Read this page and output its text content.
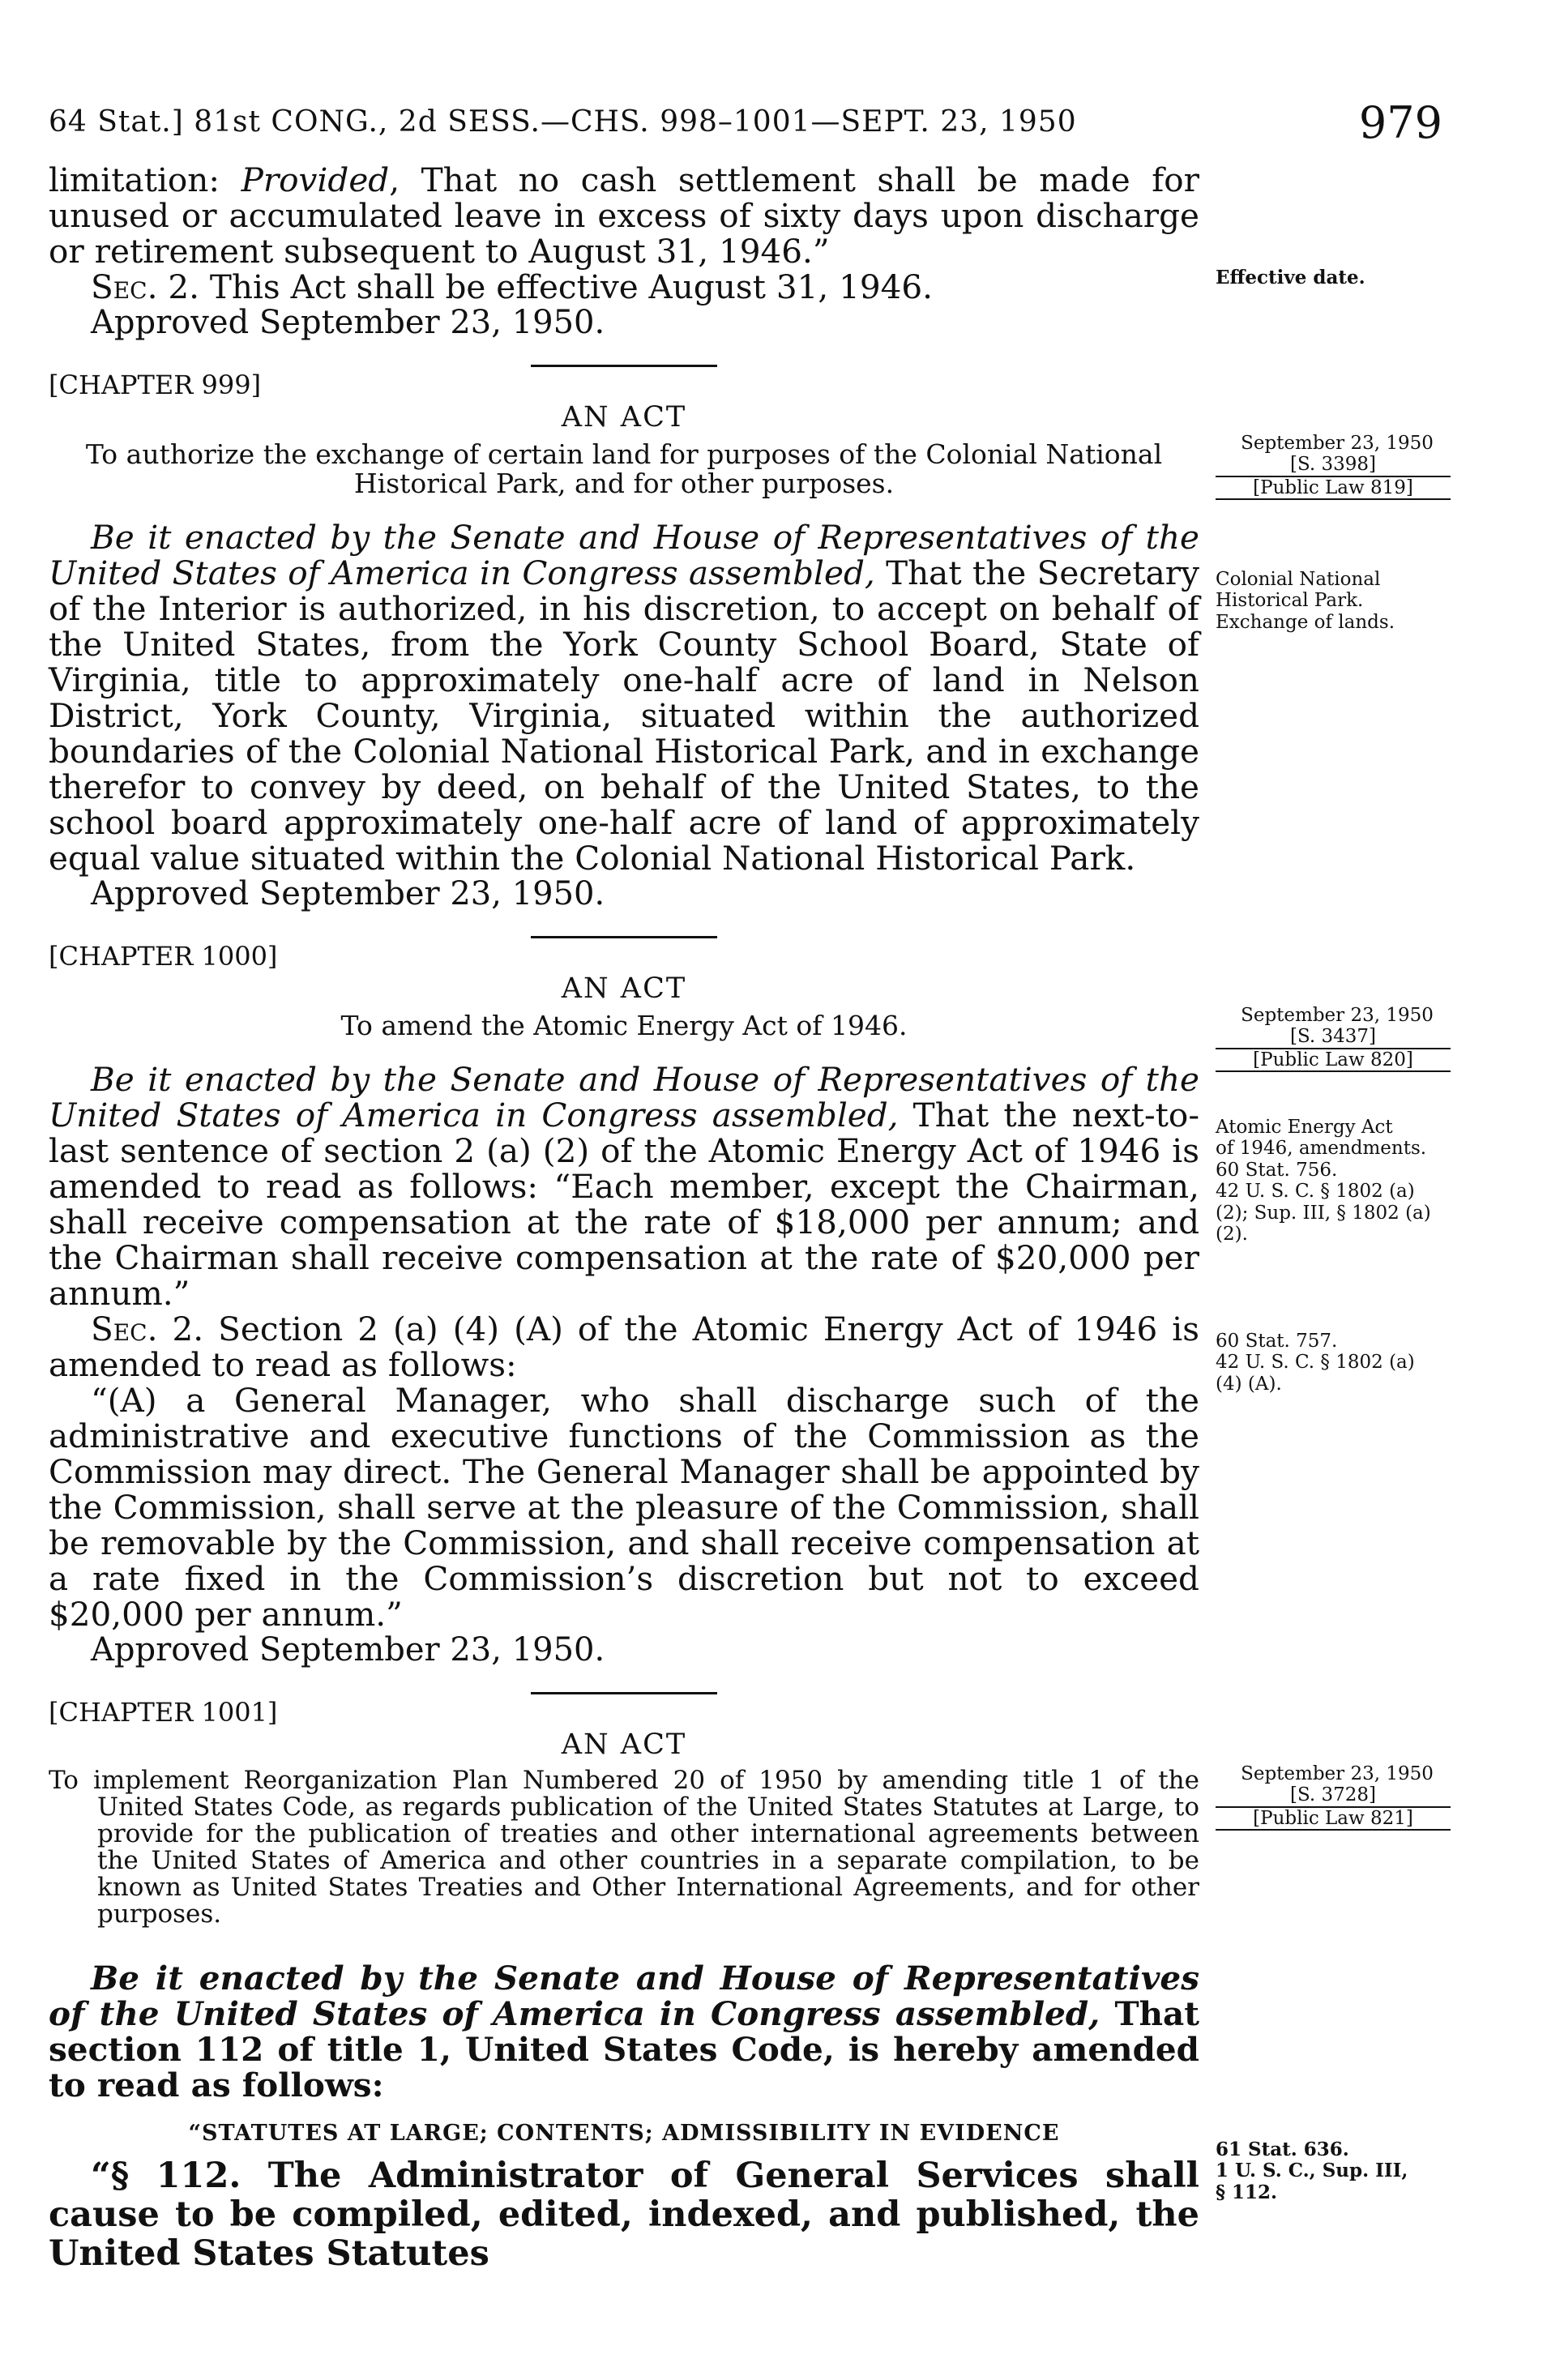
64 Stat.] 81st CONG., 2d SESS.—CHS. 998–1001—SEPT. 23, 1950	979

limitation: Provided, That no cash settlement shall be made for unused or accumulated leave in excess of sixty days upon discharge or retirement subsequent to August 31, 1946.”

Sec. 2. This Act shall be effective August 31, 1946.

Approved September 23, 1950.

[CHAPTER 999]

AN ACT

To authorize the exchange of certain land for purposes of the Colonial National Historical Park, and for other purposes.

Be it enacted by the Senate and House of Representatives of the United States of America in Congress assembled, That the Secretary of the Interior is authorized, in his discretion, to accept on behalf of the United States, from the York County School Board, State of Virginia, title to approximately one-half acre of land in Nelson District, York County, Virginia, situated within the authorized boundaries of the Colonial National Historical Park, and in exchange therefor to convey by deed, on behalf of the United States, to the school board approximately one-half acre of land of approximately equal value situated within the Colonial National Historical Park.

Approved September 23, 1950.

[CHAPTER 1000]

AN ACT

To amend the Atomic Energy Act of 1946.

Be it enacted by the Senate and House of Representatives of the United States of America in Congress assembled, That the next-to-last sentence of section 2 (a) (2) of the Atomic Energy Act of 1946 is amended to read as follows: “Each member, except the Chairman, shall receive compensation at the rate of $18,000 per annum; and the Chairman shall receive compensation at the rate of $20,000 per annum.”

Sec. 2. Section 2 (a) (4) (A) of the Atomic Energy Act of 1946 is amended to read as follows:

“(A) a General Manager, who shall discharge such of the administrative and executive functions of the Commission as the Commission may direct. The General Manager shall be appointed by the Commission, shall serve at the pleasure of the Commission, shall be removable by the Commission, and shall receive compensation at a rate fixed in the Commission’s discretion but not to exceed $20,000 per annum.”

Approved September 23, 1950.

[CHAPTER 1001]

AN ACT

To implement Reorganization Plan Numbered 20 of 1950 by amending title 1 of the United States Code, as regards publication of the United States Statutes at Large, to provide for the publication of treaties and other international agreements between the United States of America and other countries in a separate compilation, to be known as United States Treaties and Other International Agreements, and for other purposes.

Be it enacted by the Senate and House of Representatives of the United States of America in Congress assembled, That section 112 of title 1, United States Code, is hereby amended to read as follows:

“STATUTES AT LARGE; CONTENTS; ADMISSIBILITY IN EVIDENCE

“§ 112. The Administrator of General Services shall cause to be compiled, edited, indexed, and published, the United States Statutes

Effective date.
September 23, 1950
[S. 3398]
[Public Law 819]
Colonial National
Historical Park.
Exchange of lands.
September 23, 1950
[S. 3437]
[Public Law 820]
Atomic Energy Act
of 1946, amendments.
60 Stat. 756.
42 U. S. C. § 1802 (a)
(2); Sup. III, § 1802 (a)
(2).
60 Stat. 757.
42 U. S. C. § 1802 (a)
(4) (A).
September 23, 1950
[S. 3728]
[Public Law 821]
61 Stat. 636.
1 U. S. C., Sup. III,
§ 112.
